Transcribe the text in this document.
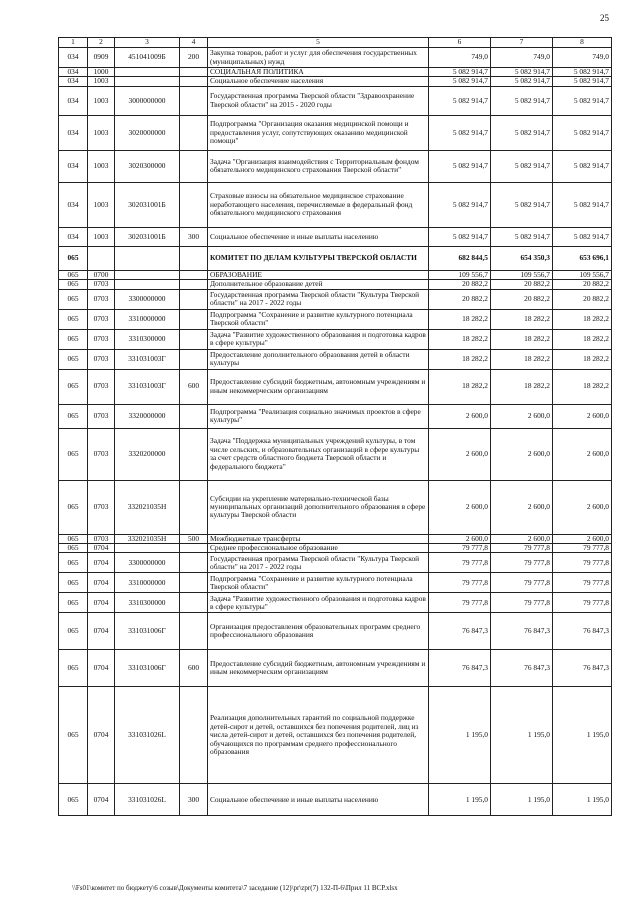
25
1	2	3	4	5	6	7	8
034	0909	451041009Б	200	Закупка товаров, работ и услуг для обеспечения государственных (муниципальных) нужд	749,0	749,0	749,0
034	1000			СОЦИАЛЬНАЯ ПОЛИТИКА	5 082 914,7	5 082 914,7	5 082 914,7
034	1003			Социальное обеспечение населения	5 082 914,7	5 082 914,7	5 082 914,7
034	1003	3000000000		Государственная программа Тверской области "Здравоохранение Тверской области" на 2015 - 2020 годы	5 082 914,7	5 082 914,7	5 082 914,7
034	1003	3020000000		Подпрограмма "Организация оказания медицинской помощи и предоставления услуг, сопутствующих оказанию медицинской помощи"	5 082 914,7	5 082 914,7	5 082 914,7
034	1003	3020300000		Задача "Организация взаимодействия с Территориальным фондом обязательного медицинского страхования Тверской области"	5 082 914,7	5 082 914,7	5 082 914,7
034	1003	302031001Б		Страховые взносы на обязательное медицинское страхование неработающего населения, перечисляемые в федеральный фонд обязательного медицинского страхования	5 082 914,7	5 082 914,7	5 082 914,7
034	1003	302031001Б	300	Социальное обеспечение и иные выплаты населению	5 082 914,7	5 082 914,7	5 082 914,7
065				КОМИТЕТ ПО ДЕЛАМ КУЛЬТУРЫ ТВЕРСКОЙ ОБЛАСТИ	682 844,5	654 350,3	653 696,1
065	0700			ОБРАЗОВАНИЕ	109 556,7	109 556,7	109 556,7
065	0703			Дополнительное образование детей	20 882,2	20 882,2	20 882,2
065	0703	3300000000		Государственная программа Тверской области "Культура Тверской области" на 2017 - 2022 годы	20 882,2	20 882,2	20 882,2
065	0703	3310000000		Подпрограмма "Сохранение и развитие культурного потенциала Тверской области"	18 282,2	18 282,2	18 282,2
065	0703	3310300000		Задача "Развитие художественного образования и подготовка кадров в сфере культуры"	18 282,2	18 282,2	18 282,2
065	0703	331031003Г		Предоставление дополнительного образования детей в области культуры	18 282,2	18 282,2	18 282,2
065	0703	331031003Г	600	Предоставление субсидий бюджетным, автономным учреждениям и иным некоммерческим организациям	18 282,2	18 282,2	18 282,2
065	0703	3320000000		Подпрограмма "Реализация социально значимых проектов в сфере культуры"	2 600,0	2 600,0	2 600,0
065	0703	3320200000		Задача "Поддержка муниципальных учреждений культуры, в том числе сельских, и образовательных организаций в сфере культуры за счет средств областного бюджета Тверской области и федерального бюджета"	2 600,0	2 600,0	2 600,0
065	0703	332021035Н		Субсидии на укрепление материально-технической базы муниципальных организаций дополнительного образования в сфере культуры Тверской области	2 600,0	2 600,0	2 600,0
065	0703	332021035Н	500	Межбюджетные трансферты	2 600,0	2 600,0	2 600,0
065	0704			Среднее профессиональное образование	79 777,8	79 777,8	79 777,8
065	0704	3300000000		Государственная программа Тверской области "Культура Тверской области" на 2017 - 2022 годы	79 777,8	79 777,8	79 777,8
065	0704	3310000000		Подпрограмма "Сохранение и развитие культурного потенциала Тверской области"	79 777,8	79 777,8	79 777,8
065	0704	3310300000		Задача "Развитие художественного образования и подготовка кадров в сфере культуры"	79 777,8	79 777,8	79 777,8
065	0704	331031006Г		Организация предоставления образовательных программ среднего профессионального образования	76 847,3	76 847,3	76 847,3
065	0704	331031006Г	600	Предоставление субсидий бюджетным, автономным учреждениям и иным некоммерческим организациям	76 847,3	76 847,3	76 847,3
065	0704	331031026L		Реализация дополнительных гарантий по социальной поддержке детей-сирот и детей, оставшихся без попечения родителей, лиц из числа детей-сирот и детей, оставшихся без попечения родителей, обучающихся по программам среднего профессионального образования	1 195,0	1 195,0	1 195,0
065	0704	331031026L	300	Социальное обеспечение и иные выплаты населению	1 195,0	1 195,0	1 195,0
\\Fs01\комитет по бюджету\6 созыв\Документы комитета\7 заседание (12)\pr\zpr(7) 132-П-6\Прил 11 ВСР.xlsx
